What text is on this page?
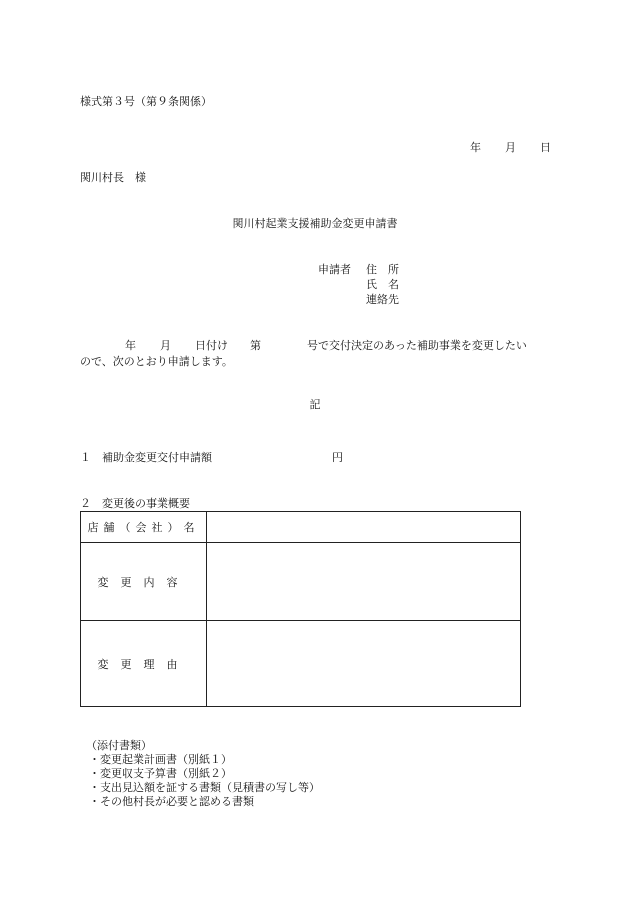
様式第３号（第９条関係）
年 月 日
関川村長　様
関川村起業支援補助金変更申請書
申請者 住　所
氏　名
連絡先
年 月 日付け 第	号で交付決定のあった補助事業を変更したい
ので、次のとおり申請します。
記
１　補助金変更交付申請額	円
２　変更後の事業概要
店舗（会社）名	
変更内容	
変更理由	
（添付書類）
・変更起業計画書（別紙１）
・変更収支予算書（別紙２）
・支出見込額を証する書類（見積書の写し等）
・その他村長が必要と認める書類
